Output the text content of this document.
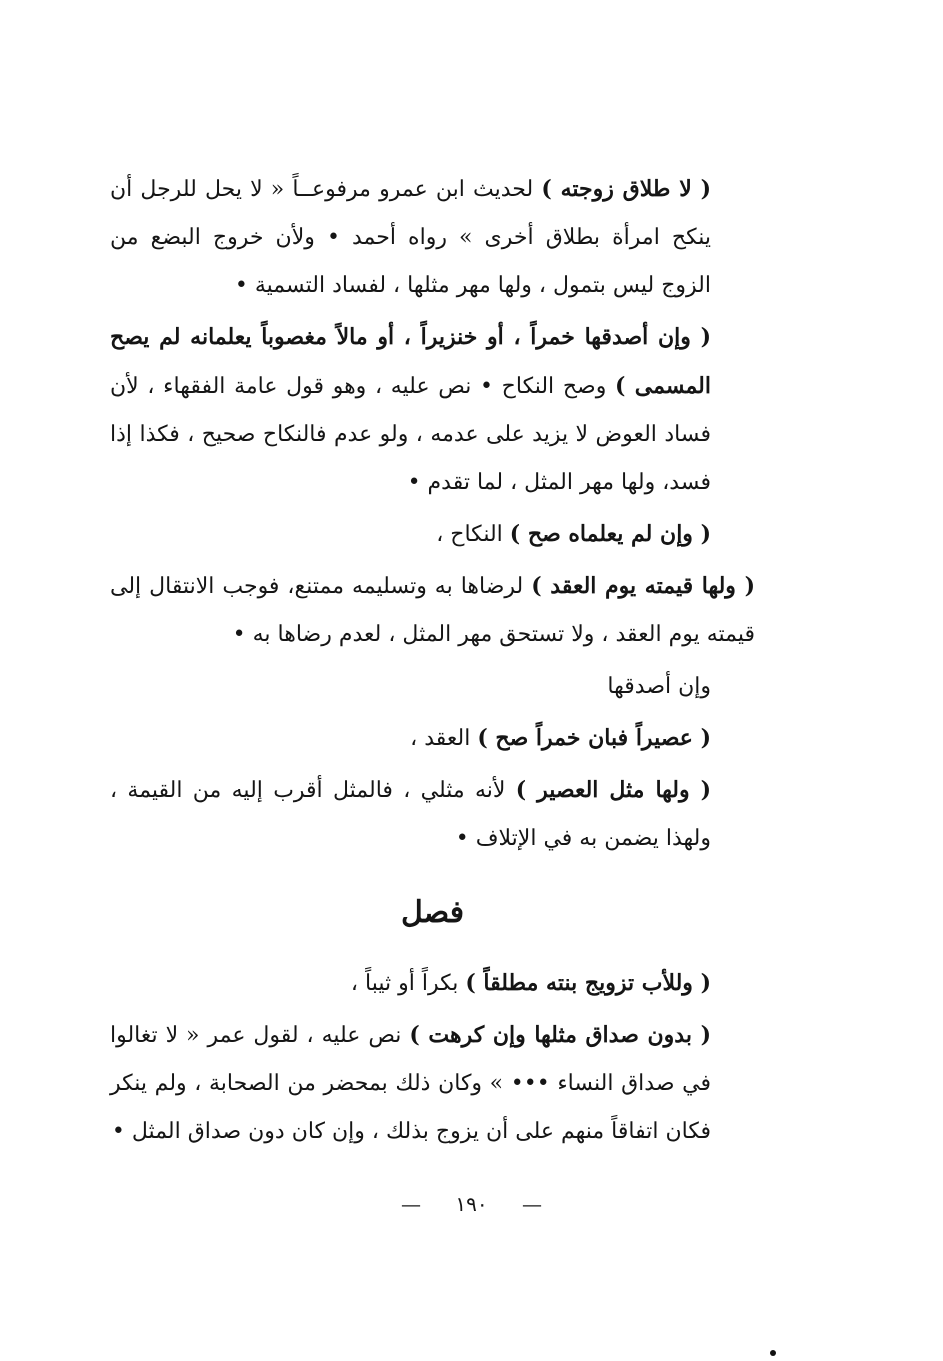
( لا طلاق زوجته ) لحديث ابن عمرو مرفوعــاً « لا يحل للرجل أن ينكح امرأة بطلاق أخرى » رواه أحمد • ولأن خروج البضع من الزوج ليس بتمول ، ولها مهر مثلها ، لفساد التسمية •

( وإن أصدقها خمراً ، أو خنزيراً ، أو مالاً مغصوباً يعلمانه لم يصح المسمى ) وصح النكاح • نص عليه ، وهو قول عامة الفقهاء ، لأن فساد العوض لا يزيد على عدمه ، ولو عدم فالنكاح صحيح ، فكذا إذا فسد، ولها مهر المثل ، لما تقدم •

( وإن لم يعلماه صح ) النكاح ،

( ولها قيمته يوم العقد ) لرضاها به وتسليمه ممتنع، فوجب الانتقال إلى قيمته يوم العقد ، ولا تستحق مهر المثل ، لعدم رضاها به •

وإن أصدقها

( عصيراً فبان خمراً صح ) العقد ،

( ولها مثل العصير ) لأنه مثلي ، فالمثل أقرب إليه من القيمة ، ولهذا يضمن به في الإتلاف •

فصل

( وللأب تزويج بنته مطلقاً ) بكراً أو ثيباً ،

( بدون صداق مثلها وإن كرهت ) نص عليه ، لقول عمر « لا تغالوا في صداق النساء ••• » وكان ذلك بمحضر من الصحابة ، ولم ينكر فكان اتفاقاً منهم على أن يزوج بذلك ، وإن كان دون صداق المثل •

— ١٩٠ —
